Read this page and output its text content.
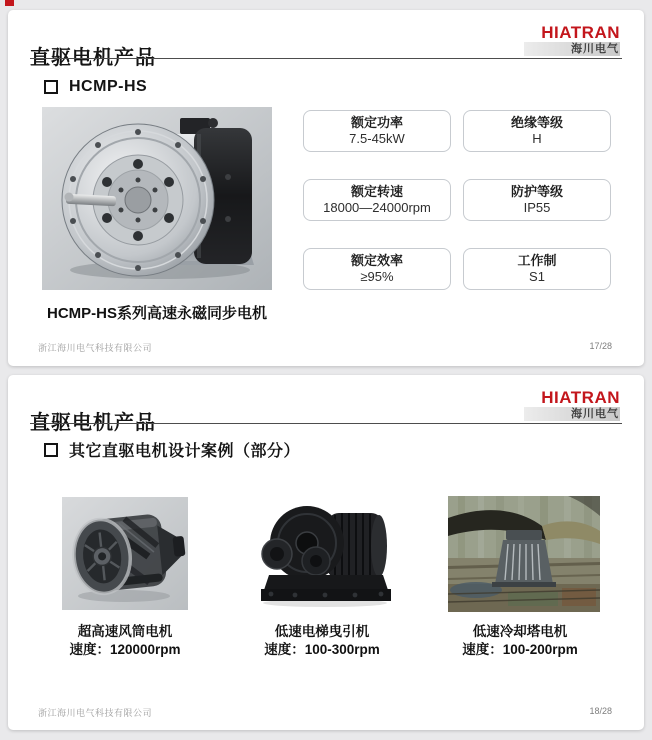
直驱电机产品
HIATRAN
海川电气
HCMP-HS
HCMP-HS系列高速永磁同步电机
额定功率
7.5-45kW
绝缘等级
H
额定转速
18000—24000rpm
防护等级
IP55
额定效率
≥95%
工作制
S1
浙江海川电气科技有限公司	17/28
直驱电机产品
HIATRAN
海川电气
其它直驱电机设计案例（部分）
超高速风筒电机
速度：120000rpm
低速电梯曳引机
速度：100-300rpm
低速冷却塔电机
速度：100-200rpm
浙江海川电气科技有限公司	18/28
